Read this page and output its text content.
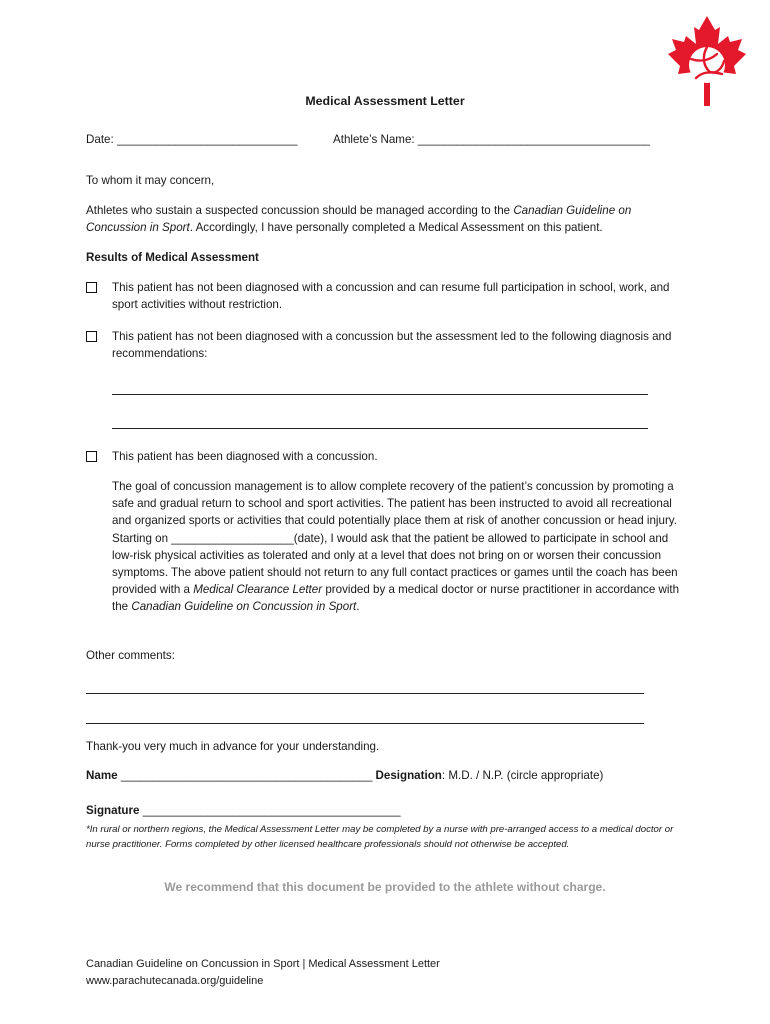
Medical Assessment Letter
Date: ____________________________	Athlete’s Name: ____________________________________
To whom it may concern,
Athletes who sustain a suspected concussion should be managed according to the Canadian Guideline on Concussion in Sport. Accordingly, I have personally completed a Medical Assessment on this patient.
Results of Medical Assessment
This patient has not been diagnosed with a concussion and can resume full participation in school, work, and sport activities without restriction.
This patient has not been diagnosed with a concussion but the assessment led to the following diagnosis and recommendations:
This patient has been diagnosed with a concussion.
The goal of concussion management is to allow complete recovery of the patient’s concussion by promoting a safe and gradual return to school and sport activities. The patient has been instructed to avoid all recreational and organized sports or activities that could potentially place them at risk of another concussion or head injury. Starting on ___________________(date), I would ask that the patient be allowed to participate in school and low-risk physical activities as tolerated and only at a level that does not bring on or worsen their concussion symptoms. The above patient should not return to any full contact practices or games until the coach has been provided with a Medical Clearance Letter provided by a medical doctor or nurse practitioner in accordance with the Canadian Guideline on Concussion in Sport.
Other comments:
Thank-you very much in advance for your understanding.
Name _______________________________________ Designation: M.D. / N.P. (circle appropriate)
Signature ________________________________________
*In rural or northern regions, the Medical Assessment Letter may be completed by a nurse with pre-arranged access to a medical doctor or nurse practitioner. Forms completed by other licensed healthcare professionals should not otherwise be accepted.
We recommend that this document be provided to the athlete without charge.
Canadian Guideline on Concussion in Sport | Medical Assessment Letter
www.parachutecanada.org/guideline
